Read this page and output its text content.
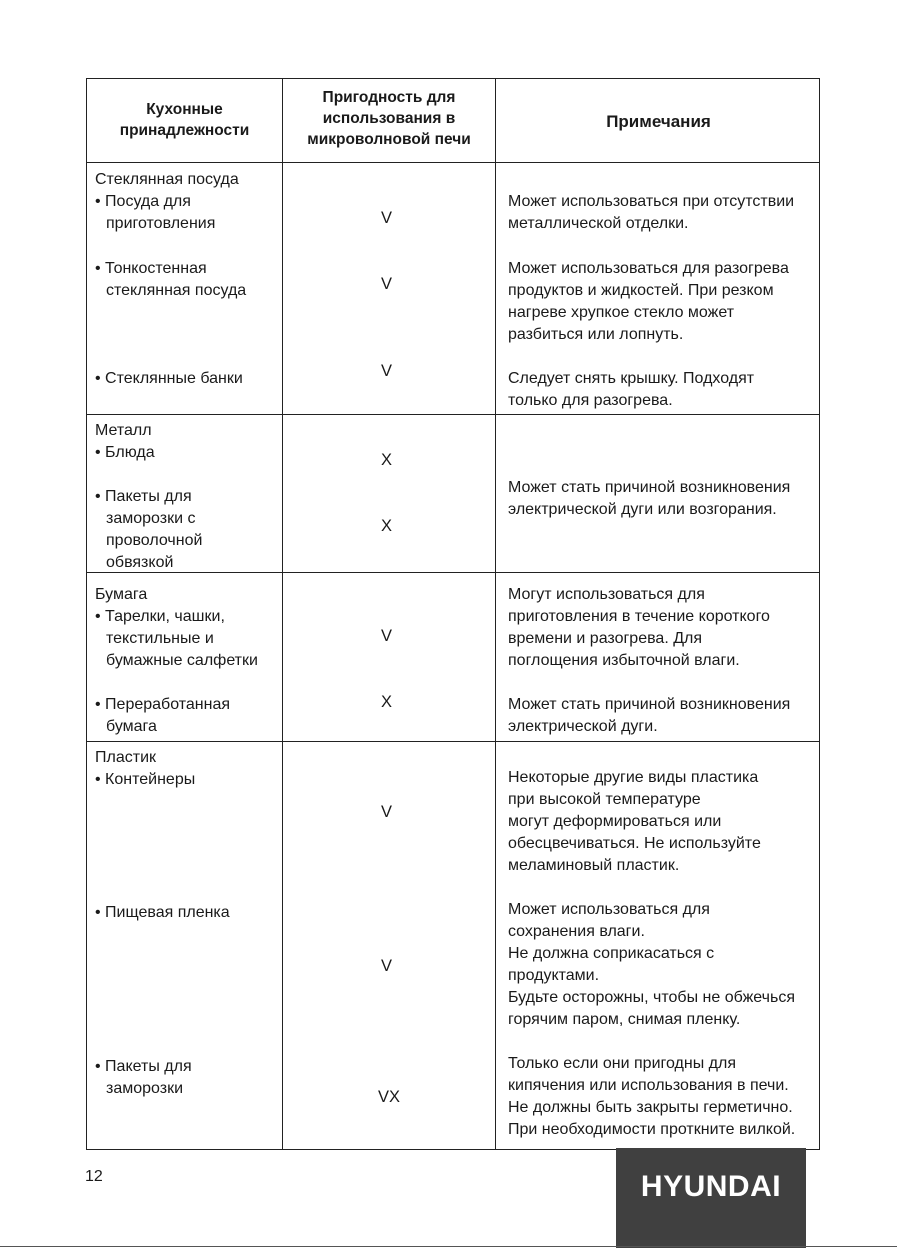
Кухонные
принадлежности
Пригодность для
использования в
микроволновой печи
Примечания
Стеклянная посуда
• Посуда для
приготовления
• Тонкостенная
стеклянная посуда
• Стеклянные банки
V
V
V
Может использоваться при отсутствии
металлической отделки.
Может использоваться для разогрева
продуктов и жидкостей. При резком
нагреве хрупкое стекло может
разбиться или лопнуть.
Следует снять крышку. Подходят
только для разогрева.
Металл
• Блюда
• Пакеты для
заморозки с
проволочной
обвязкой
X
X
Может стать причиной возникновения
электрической дуги или возгорания.
Бумага
• Тарелки, чашки,
текстильные и
бумажные салфетки
• Переработанная
бумага
V
X
Могут использоваться для
приготовления в течение короткого
времени и разогрева. Для
поглощения избыточной влаги.
Может стать причиной возникновения
электрической дуги.
Пластик
• Контейнеры
• Пищевая пленка
• Пакеты для
заморозки
V
V
VX
Некоторые другие виды пластика
при высокой температуре
могут деформироваться или
обесцвечиваться. Не используйте
меламиновый пластик.
Может использоваться для
сохранения влаги.
Не должна соприкасаться с
продуктами.
Будьте осторожны, чтобы не обжечься
горячим паром, снимая пленку.
Только если они пригодны для
кипячения или использования в печи.
Не должны быть закрыты герметично.
При необходимости проткните вилкой.
12	HYUNDAI
